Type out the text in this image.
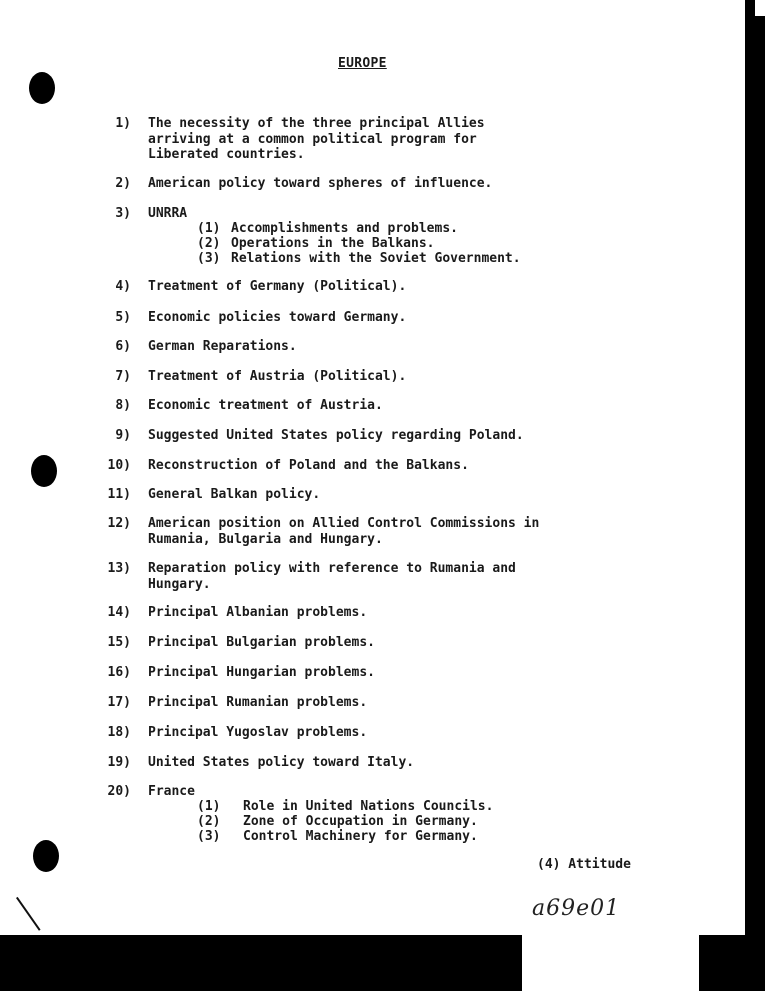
EUROPE
1) The necessity of the three principal Allies
arriving at a common political program for
Liberated countries.
2) American policy toward spheres of influence.
3) UNRRA
(1) Accomplishments and problems.
(2) Operations in the Balkans.
(3) Relations with the Soviet Government.
4) Treatment of Germany (Political).
5) Economic policies toward Germany.
6) German Reparations.
7) Treatment of Austria (Political).
8) Economic treatment of Austria.
9) Suggested United States policy regarding Poland.
10) Reconstruction of Poland and the Balkans.
11) General Balkan policy.
12) American position on Allied Control Commissions in
Rumania, Bulgaria and Hungary.
13) Reparation policy with reference to Rumania and
Hungary.
14) Principal Albanian problems.
15) Principal Bulgarian problems.
16) Principal Hungarian problems.
17) Principal Rumanian problems.
18) Principal Yugoslav problems.
19) United States policy toward Italy.
20) France
(1) Role in United Nations Councils.
(2) Zone of Occupation in Germany.
(3) Control Machinery for Germany.
(4) Attitude
a69e01
